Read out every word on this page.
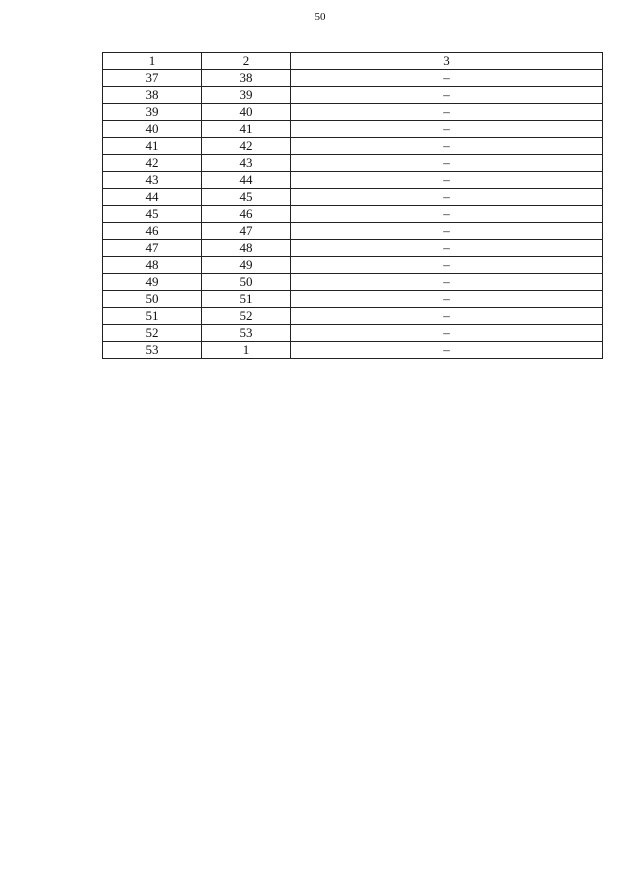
50
1	2	3
37	38	–
38	39	–
39	40	–
40	41	–
41	42	–
42	43	–
43	44	–
44	45	–
45	46	–
46	47	–
47	48	–
48	49	–
49	50	–
50	51	–
51	52	–
52	53	–
53	1	–
